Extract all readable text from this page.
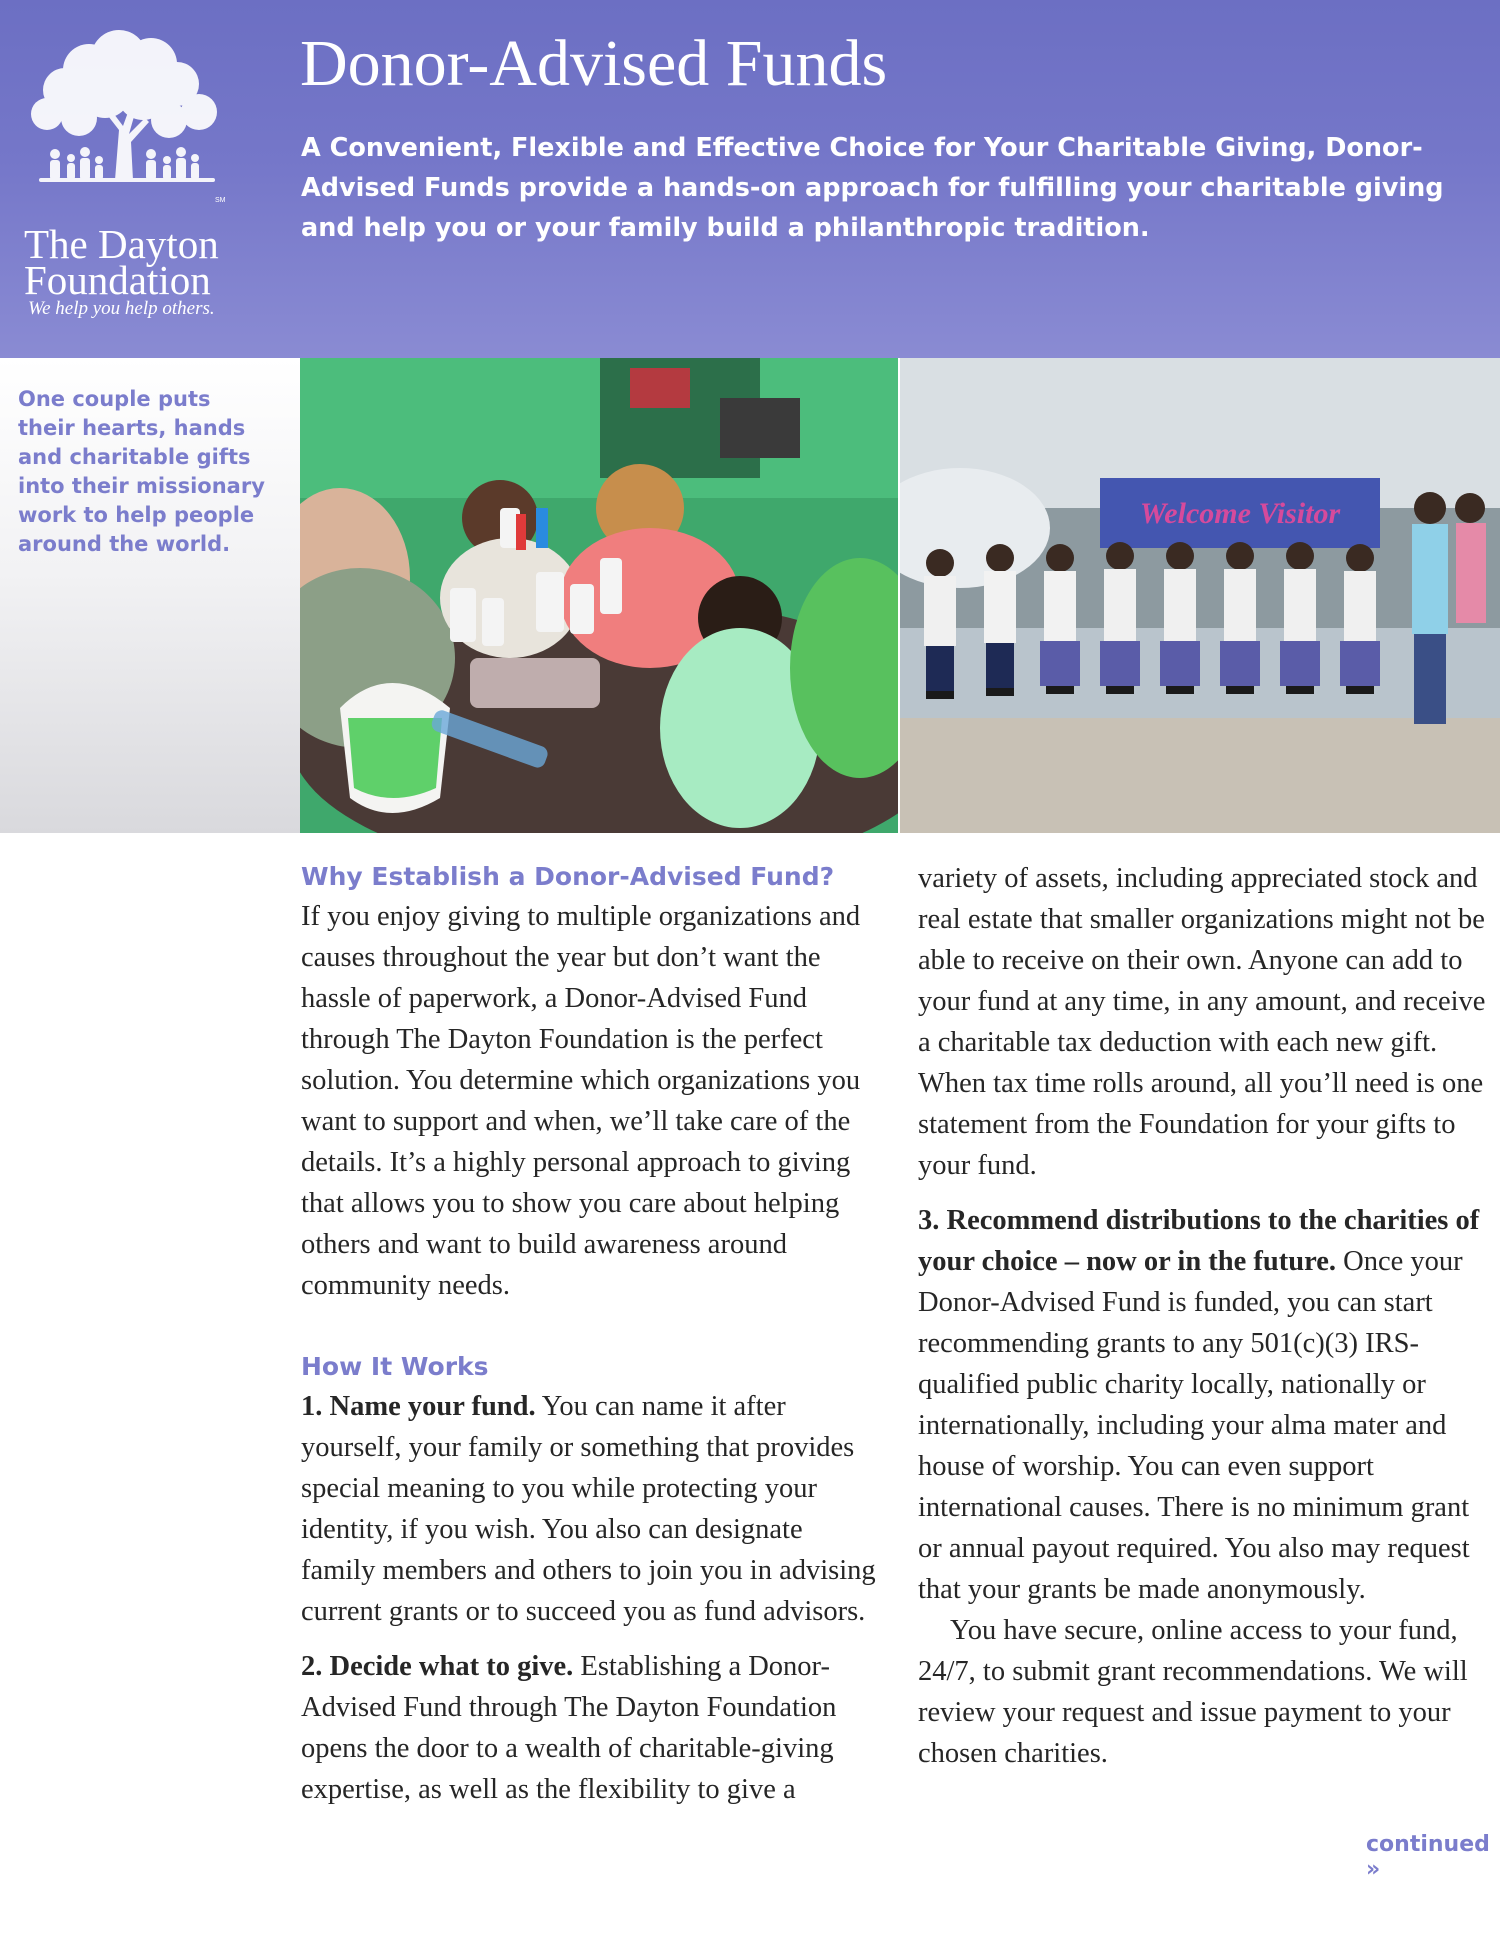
SM
The Dayton
Foundation
We help you help others.
Donor-Advised Funds

A Convenient, Flexible and Effective Choice for Your Charitable Giving, Donor-Advised Funds provide a hands-on approach for fulfilling your charitable giving and help you or your family build a philanthropic tradition.

One couple puts their hearts, hands and charitable gifts into their missionary work to help people around the world.

Welcome Visitor

Why Establish a Donor-Advised Fund?

If you enjoy giving to multiple organizations and causes throughout the year but don’t want the hassle of paperwork, a Donor-Advised Fund through The Dayton Foundation is the perfect solution. You determine which organizations you want to support and when, we’ll take care of the details. It’s a highly personal approach to giving that allows you to show you care about helping others and want to build awareness around community needs.

How It Works

1. Name your fund. You can name it after yourself, your family or something that provides special meaning to you while protecting your identity, if you wish. You also can designate family members and others to join you in advising current grants or to succeed you as fund advisors.

2. Decide what to give. Establishing a Donor-Advised Fund through The Dayton Foundation opens the door to a wealth of charitable-giving expertise, as well as the flexibility to give a

variety of assets, including appreciated stock and real estate that smaller organizations might not be able to receive on their own. Anyone can add to your fund at any time, in any amount, and receive a charitable tax deduction with each new gift. When tax time rolls around, all you’ll need is one statement from the Foundation for your gifts to your fund.

3. Recommend distributions to the charities of your choice – now or in the future. Once your Donor-Advised Fund is funded, you can start recommending grants to any 501(c)(3) IRS-qualified public charity locally, nationally or internationally, including your alma mater and house of worship. You can even support international causes. There is no minimum grant or annual payout required. You also may request that your grants be made anonymously.

You have secure, online access to your fund, 24/7, to submit grant recommendations. We will review your request and issue payment to your chosen charities.

continued »
